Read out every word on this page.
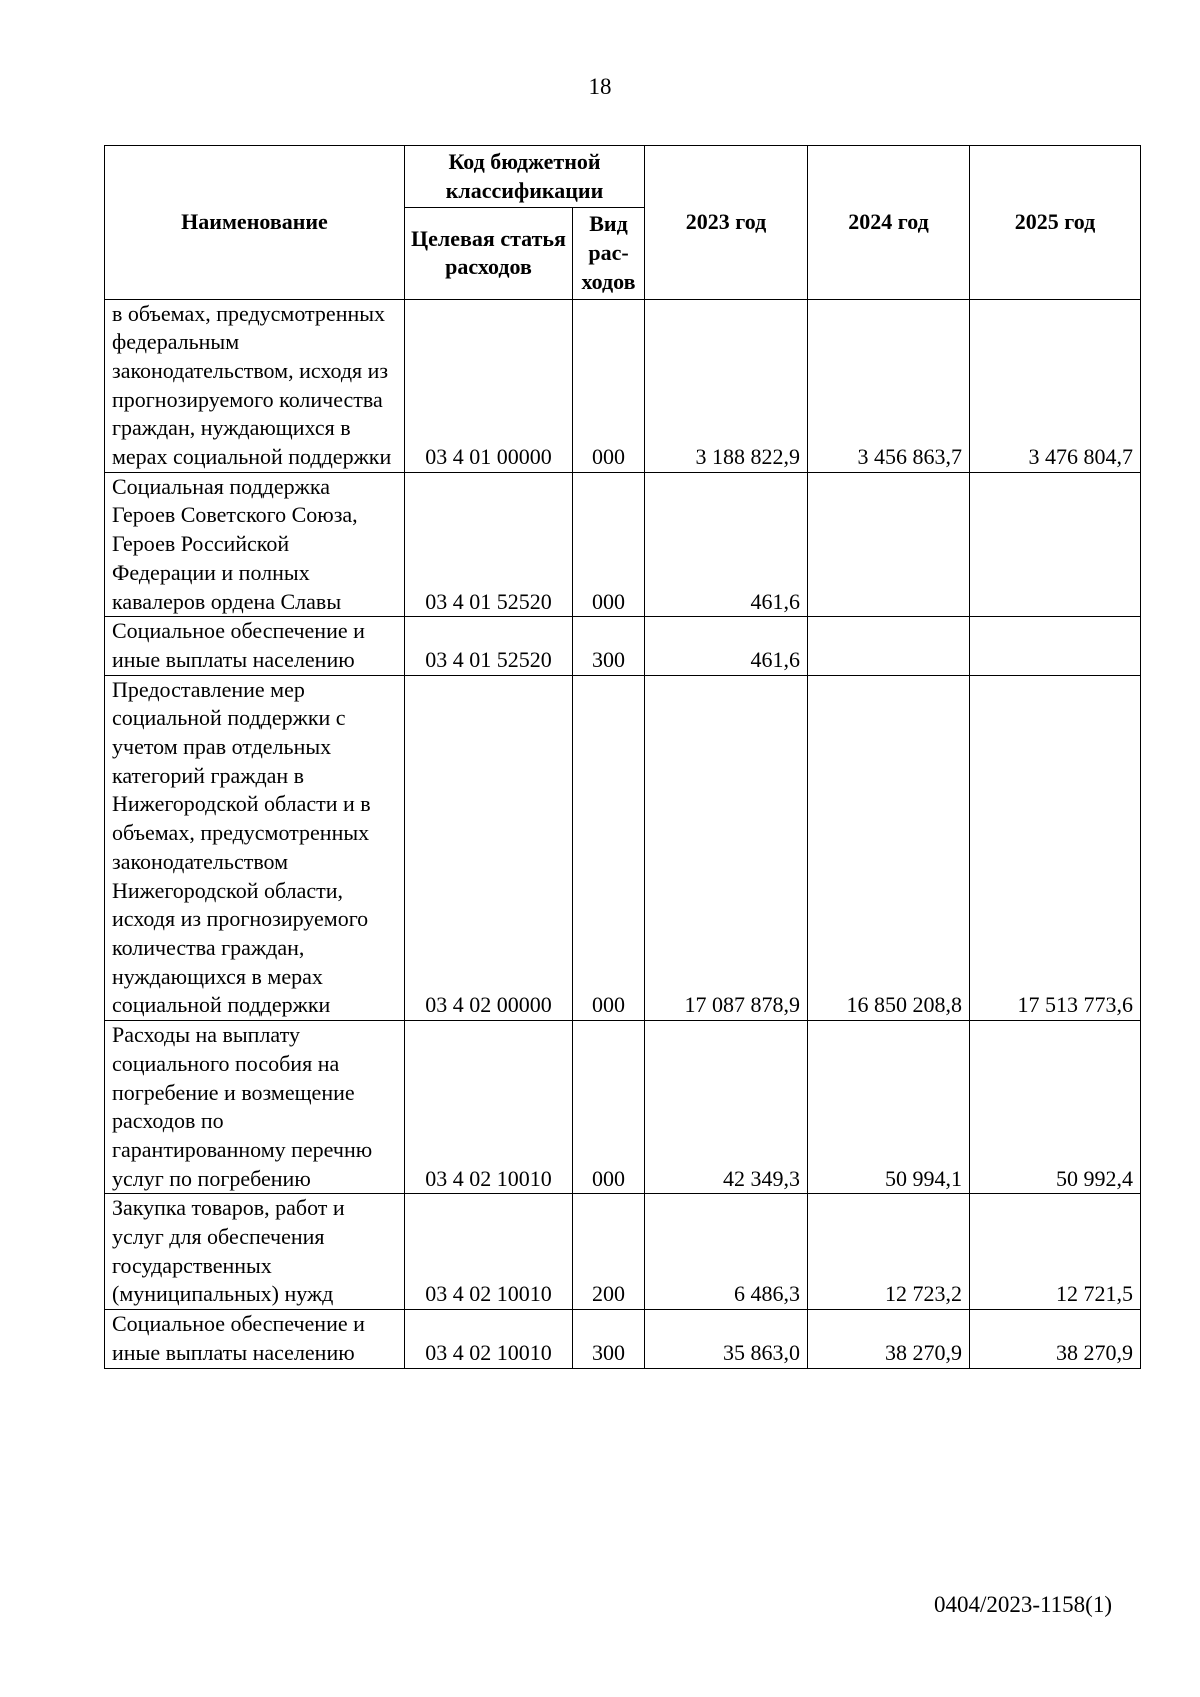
18
Наименование	Код бюджетной классификации		2023 год	2024 год	2025 год
	Целевая статья расходов	Вид рас-ходов			
в объемах, предусмотренных федеральным законодательством, исходя из прогнозируемого количества граждан, нуждающихся в мерах социальной поддержки	03 4 01 00000	000	3 188 822,9	3 456 863,7	3 476 804,7
Социальная поддержка Героев Советского Союза, Героев Российской Федерации и полных кавалеров ордена Славы	03 4 01 52520	000	461,6		
Социальное обеспечение и иные выплаты населению	03 4 01 52520	300	461,6		
Предоставление мер социальной поддержки с учетом прав отдельных категорий граждан в Нижегородской области и в объемах, предусмотренных законодательством Нижегородской области, исходя из прогнозируемого количества граждан, нуждающихся в мерах социальной поддержки	03 4 02 00000	000	17 087 878,9	16 850 208,8	17 513 773,6
Расходы на выплату социального пособия на погребение и возмещение расходов по гарантированному перечню услуг по погребению	03 4 02 10010	000	42 349,3	50 994,1	50 992,4
Закупка товаров, работ и услуг для обеспечения государственных (муниципальных) нужд	03 4 02 10010	200	6 486,3	12 723,2	12 721,5
Социальное обеспечение и иные выплаты населению	03 4 02 10010	300	35 863,0	38 270,9	38 270,9
0404/2023-1158(1)
